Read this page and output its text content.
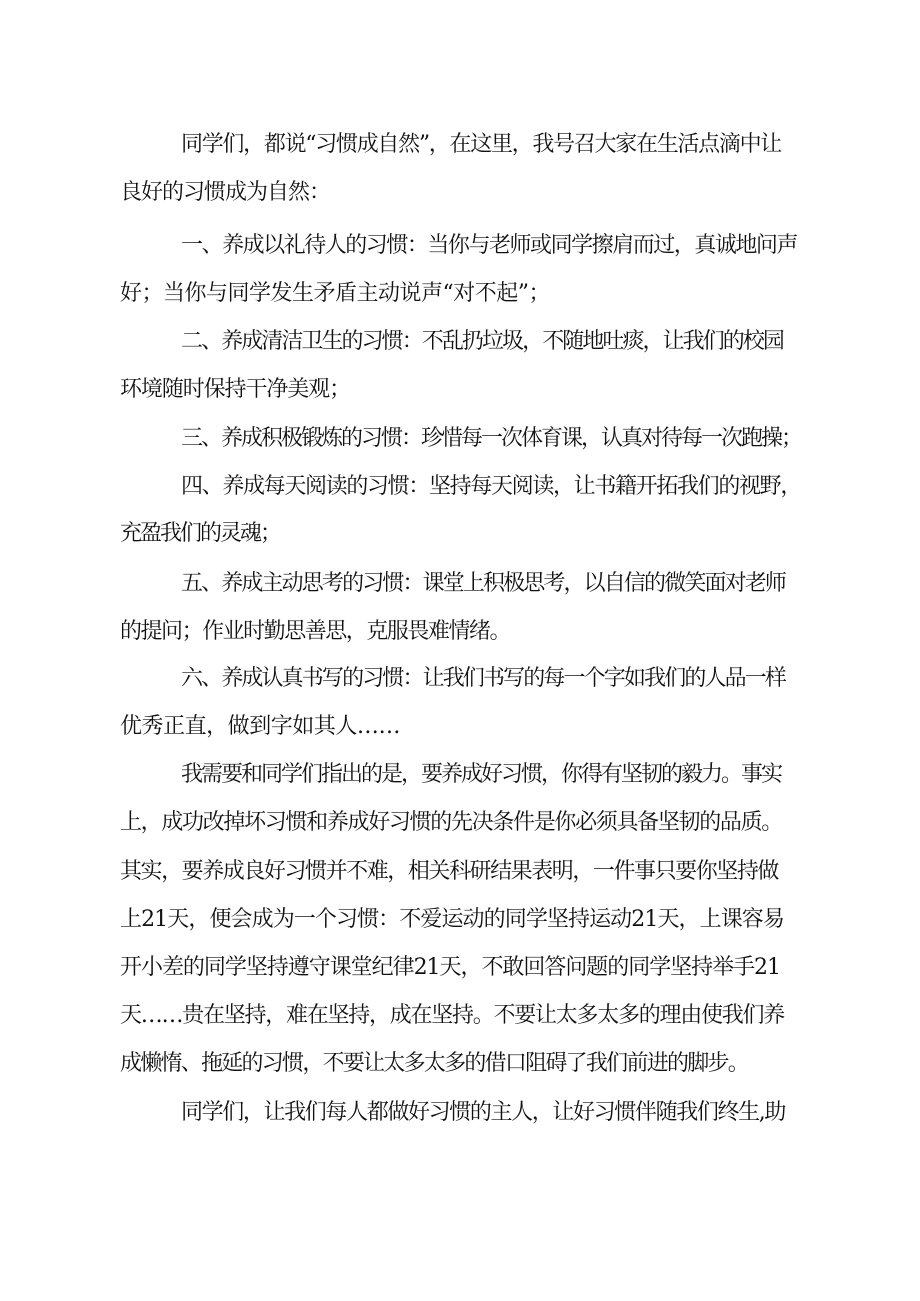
同学们，都说“习惯成自然”，在这里，我号召大家在生活点滴中让
良好的习惯成为自然：
一、养成以礼待人的习惯：当你与老师或同学擦肩而过，真诚地问声
好；当你与同学发生矛盾主动说声“对不起”；
二、养成清洁卫生的习惯：不乱扔垃圾，不随地吐痰，让我们的校园
环境随时保持干净美观；
三、养成积极锻炼的习惯：珍惜每一次体育课，认真对待每一次跑操；
四、养成每天阅读的习惯：坚持每天阅读，让书籍开拓我们的视野，
充盈我们的灵魂；
五、养成主动思考的习惯：课堂上积极思考，以自信的微笑面对老师
的提问；作业时勤思善思，克服畏难情绪。
六、养成认真书写的习惯：让我们书写的每一个字如我们的人品一样
优秀正直，做到字如其人……
我需要和同学们指出的是，要养成好习惯，你得有坚韧的毅力。事实
上，成功改掉坏习惯和养成好习惯的先决条件是你必须具备坚韧的品质。
其实，要养成良好习惯并不难，相关科研结果表明，一件事只要你坚持做
上21天，便会成为一个习惯：不爱运动的同学坚持运动21天，上课容易
开小差的同学坚持遵守课堂纪律21天，不敢回答问题的同学坚持举手21
天……贵在坚持，难在坚持，成在坚持。不要让太多太多的理由使我们养
成懒惰、拖延的习惯，不要让太多太多的借口阻碍了我们前进的脚步。
同学们，让我们每人都做好习惯的主人，让好习惯伴随我们终生,助
